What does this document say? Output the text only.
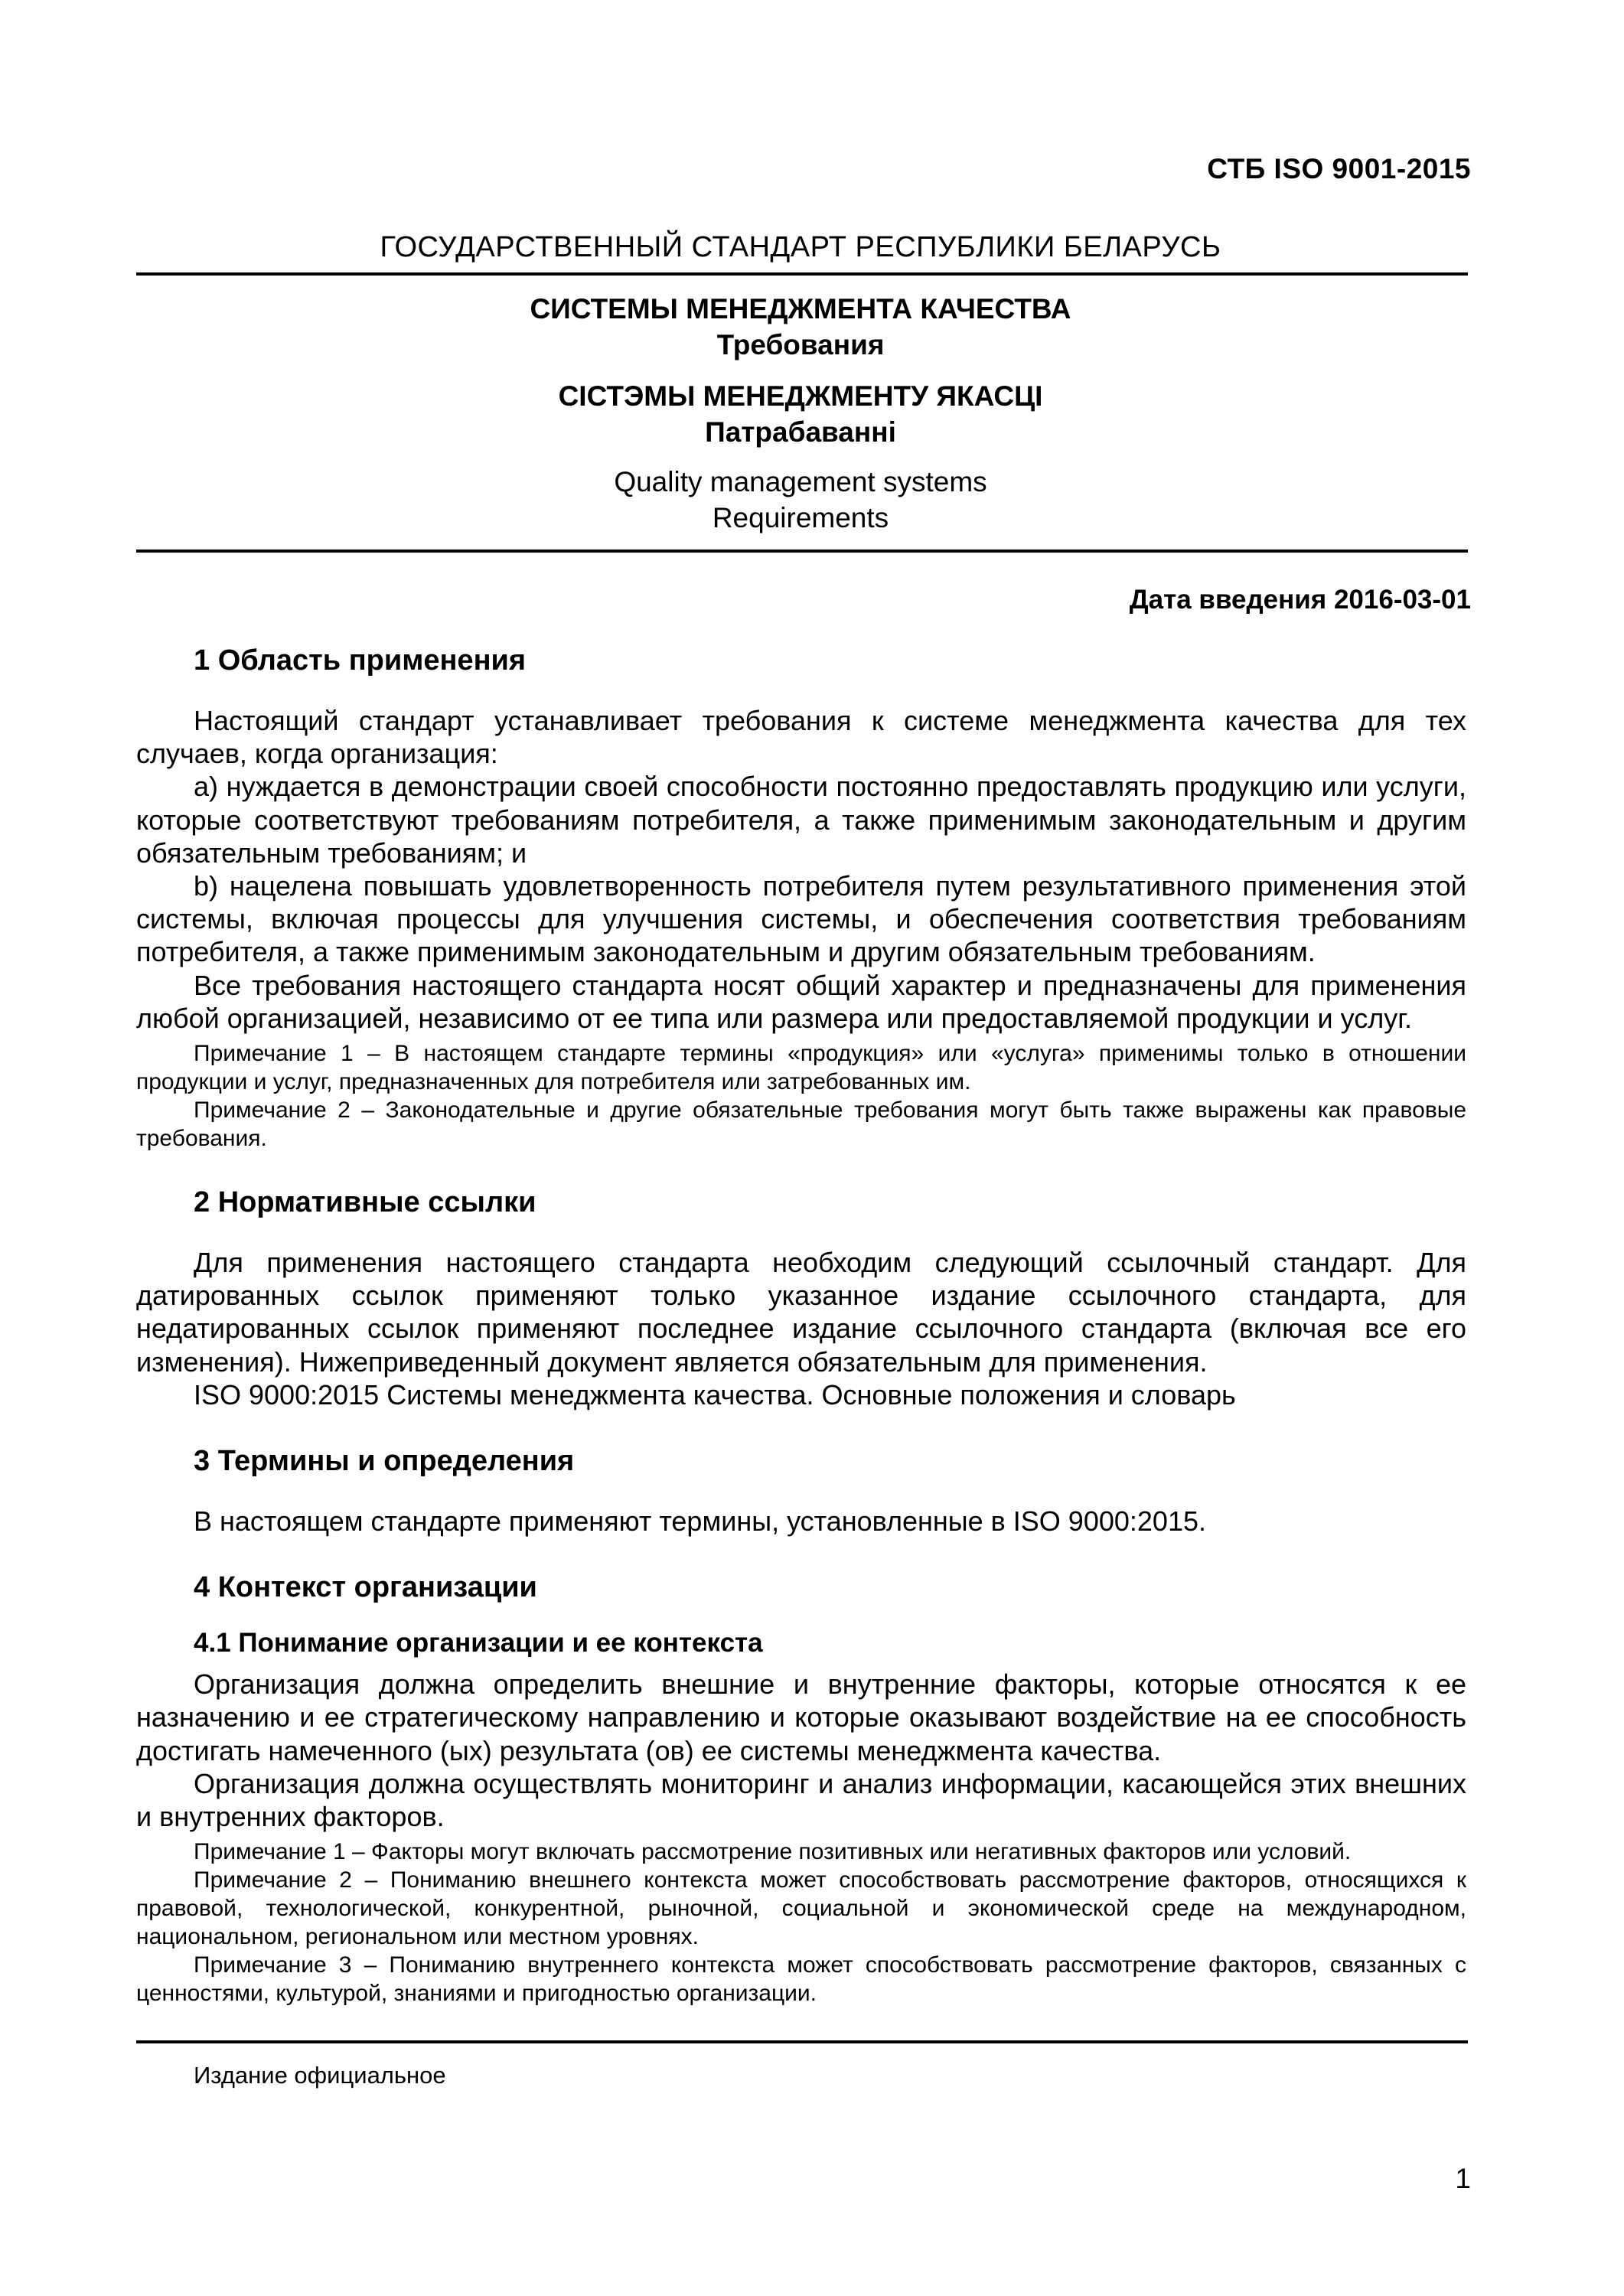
СТБ ISO 9001-2015
ГОСУДАРСТВЕННЫЙ СТАНДАРТ РЕСПУБЛИКИ БЕЛАРУСЬ
СИСТЕМЫ МЕНЕДЖМЕНТА КАЧЕСТВА
Требования
СІСТЭМЫ МЕНЕДЖМЕНТУ ЯКАСЦІ
Патрабаванні
Quality management systems
Requirements
Дата введения 2016-03-01
1 Область применения

Настоящий стандарт устанавливает требования к системе менеджмента качества для тех случаев, когда организация:

a) нуждается в демонстрации своей способности постоянно предоставлять продукцию или услуги, которые соответствуют требованиям потребителя, а также применимым законодательным и другим обязательным требованиям; и

b) нацелена повышать удовлетворенность потребителя путем результативного применения этой системы, включая процессы для улучшения системы, и обеспечения соответствия требованиям потребителя, а также применимым законодательным и другим обязательным требованиям.

Все требования настоящего стандарта носят общий характер и предназначены для применения любой организацией, независимо от ее типа или размера или предоставляемой продукции и услуг.

Примечание 1 – В настоящем стандарте термины «продукция» или «услуга» применимы только в отношении продукции и услуг, предназначенных для потребителя или затребованных им.

Примечание 2 – Законодательные и другие обязательные требования могут быть также выражены как правовые требования.

2 Нормативные ссылки

Для применения настоящего стандарта необходим следующий ссылочный стандарт. Для датированных ссылок применяют только указанное издание ссылочного стандарта, для недатированных ссылок применяют последнее издание ссылочного стандарта (включая все его изменения). Нижеприведенный документ является обязательным для применения.

ISO 9000:2015 Системы менеджмента качества. Основные положения и словарь

3 Термины и определения

В настоящем стандарте применяют термины, установленные в ISO 9000:2015.

4 Контекст организации
4.1 Понимание организации и ее контекста

Организация должна определить внешние и внутренние факторы, которые относятся к ее назначению и ее стратегическому направлению и которые оказывают воздействие на ее способность достигать намеченного (ых) результата (ов) ее системы менеджмента качества.

Организация должна осуществлять мониторинг и анализ информации, касающейся этих внешних и внутренних факторов.

Примечание 1 – Факторы могут включать рассмотрение позитивных или негативных факторов или условий.

Примечание 2 – Пониманию внешнего контекста может способствовать рассмотрение факторов, относящихся к правовой, технологической, конкурентной, рыночной, социальной и экономической среде на международном, национальном, региональном или местном уровнях.

Примечание 3 – Пониманию внутреннего контекста может способствовать рассмотрение факторов, связанных с ценностями, культурой, знаниями и пригодностью организации.

Издание официальное
1
